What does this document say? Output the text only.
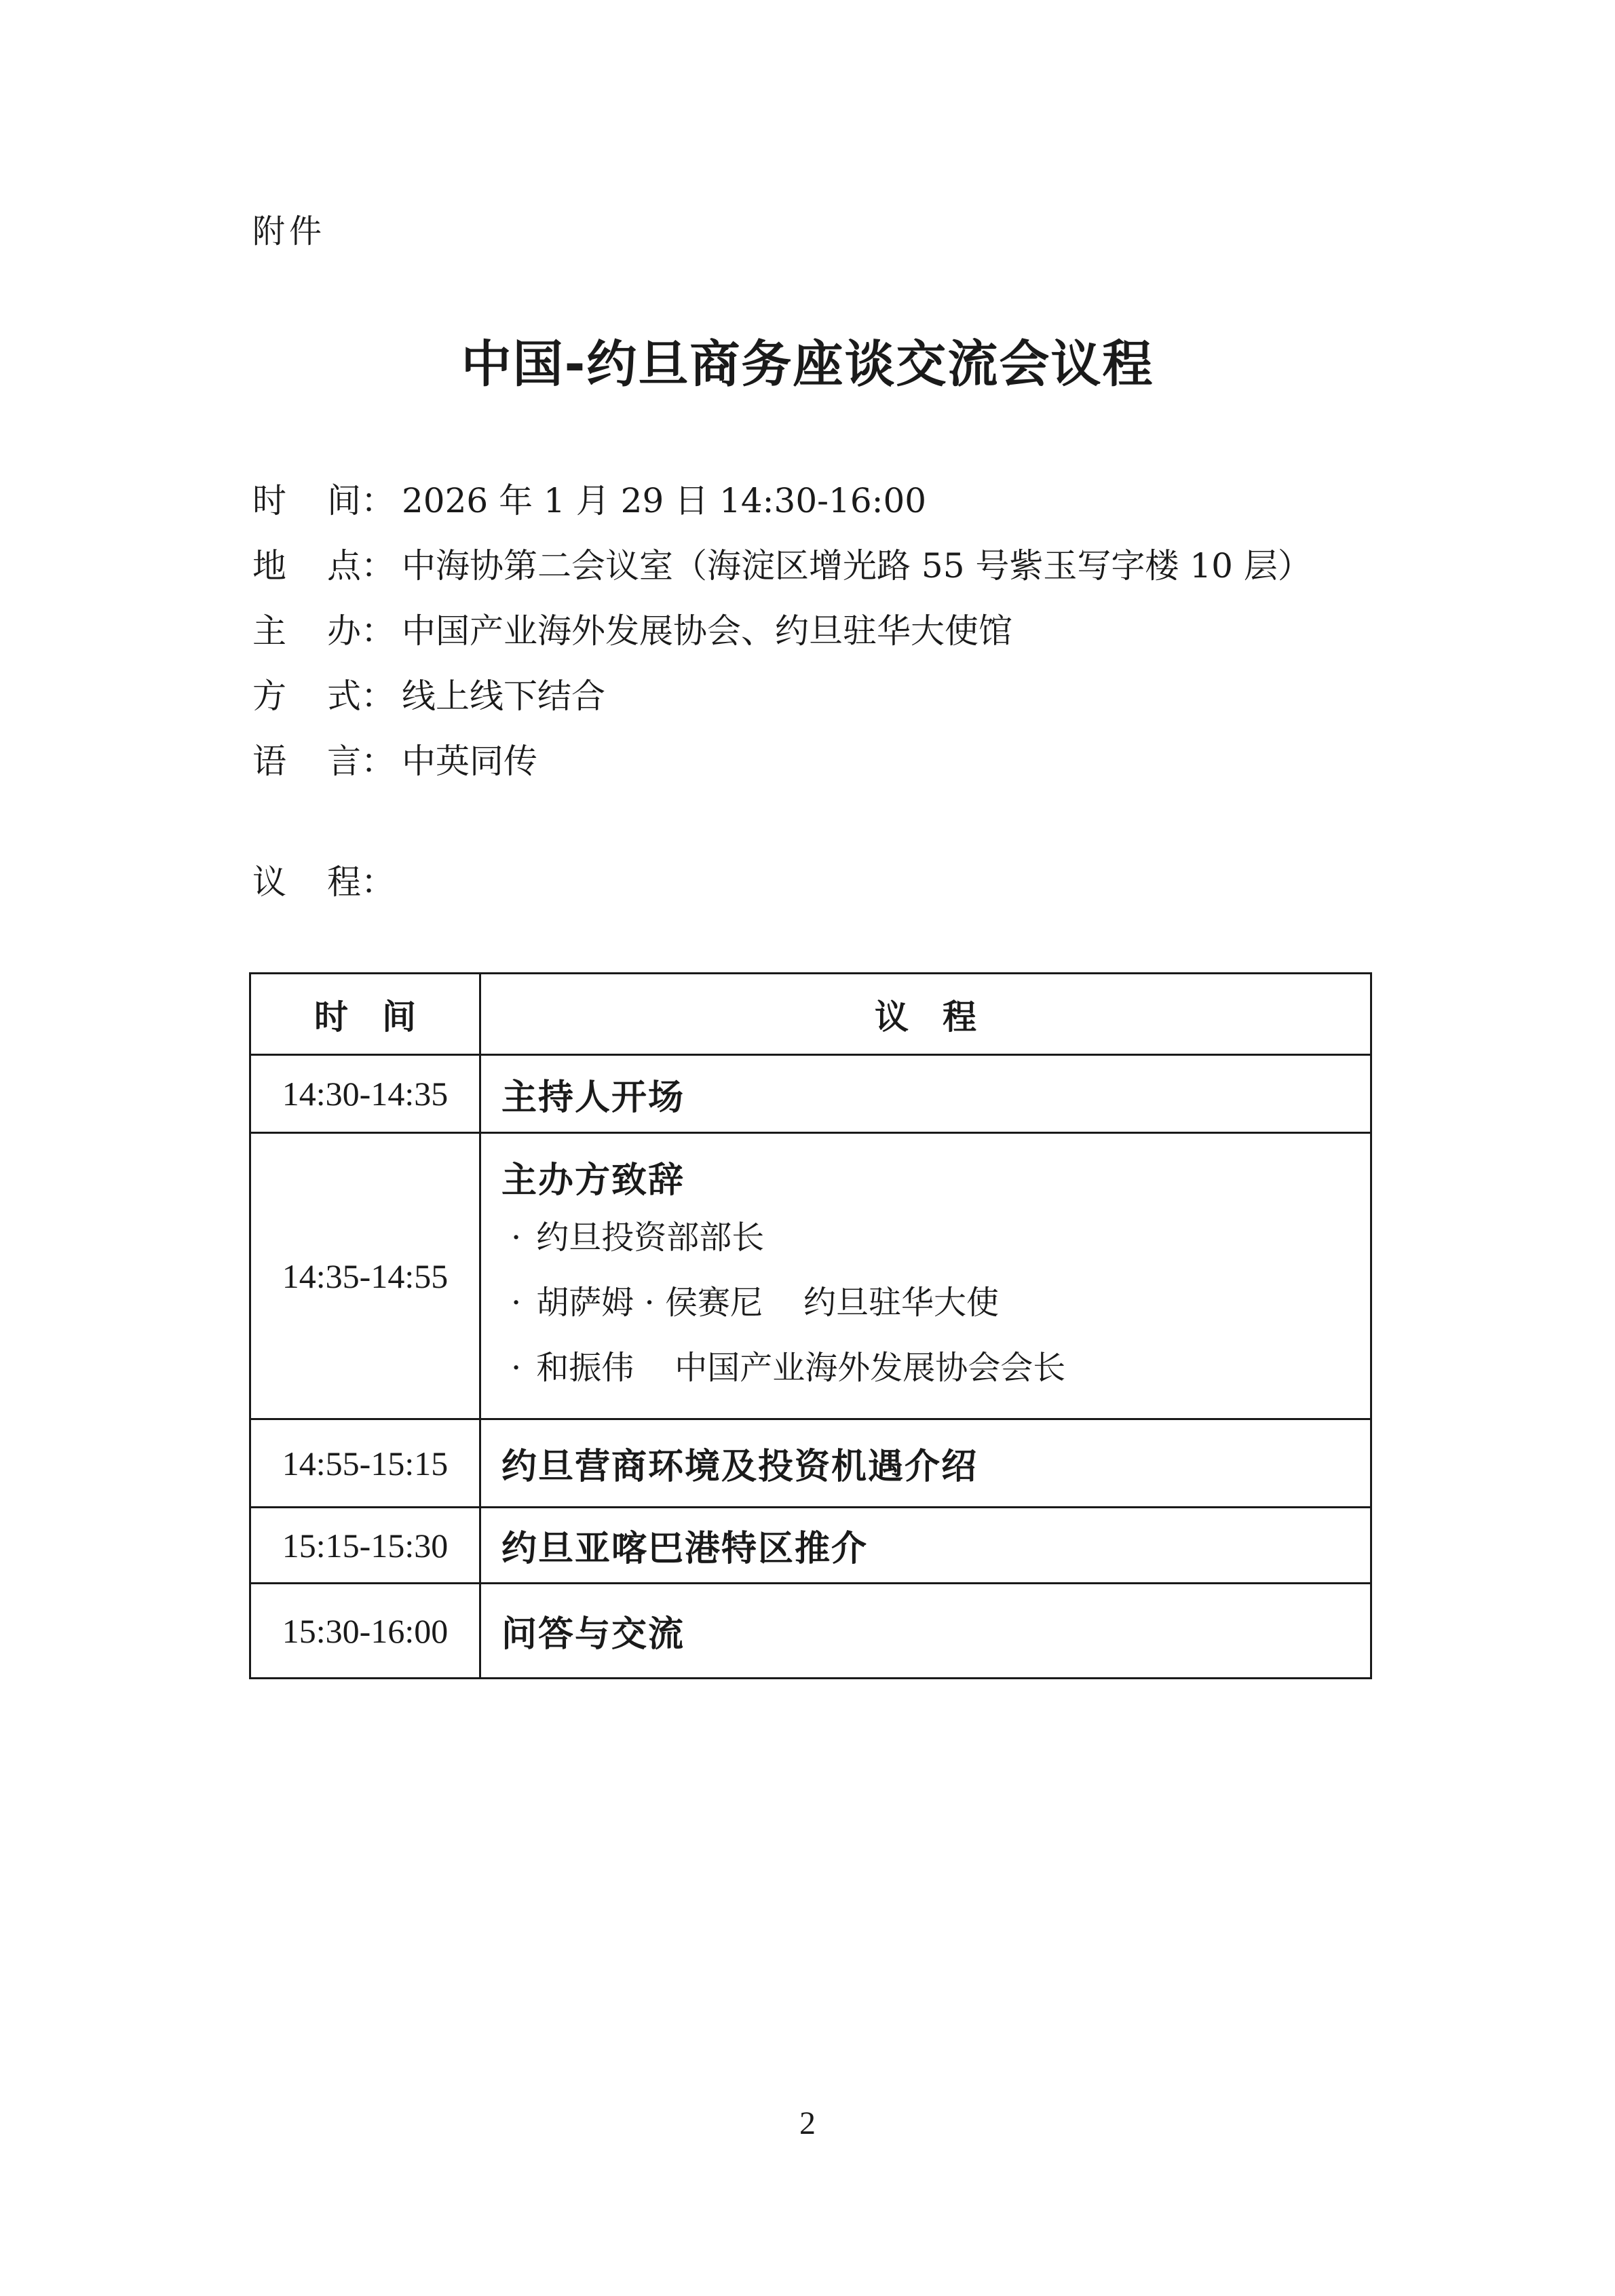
附件
中国-约旦商务座谈交流会议程
时 间： 2026 年 1 月 29 日 14:30-16:00
地 点： 中海协第二会议室（海淀区增光路 55 号紫玉写字楼 10 层）
主 办： 中国产业海外发展协会、约旦驻华大使馆
方 式： 线上线下结合
语 言： 中英同传
议	程：
时间	议程
14:30-14:35	主持人开场
14:35-14:55	主办方致辞
· 约旦投资部部长
· 胡萨姆 · 侯赛尼 约旦驻华大使
· 和振伟 中国产业海外发展协会会长

14:55-15:15	约旦营商环境及投资机遇介绍
15:15-15:30	约旦亚喀巴港特区推介
15:30-16:00	问答与交流
2
